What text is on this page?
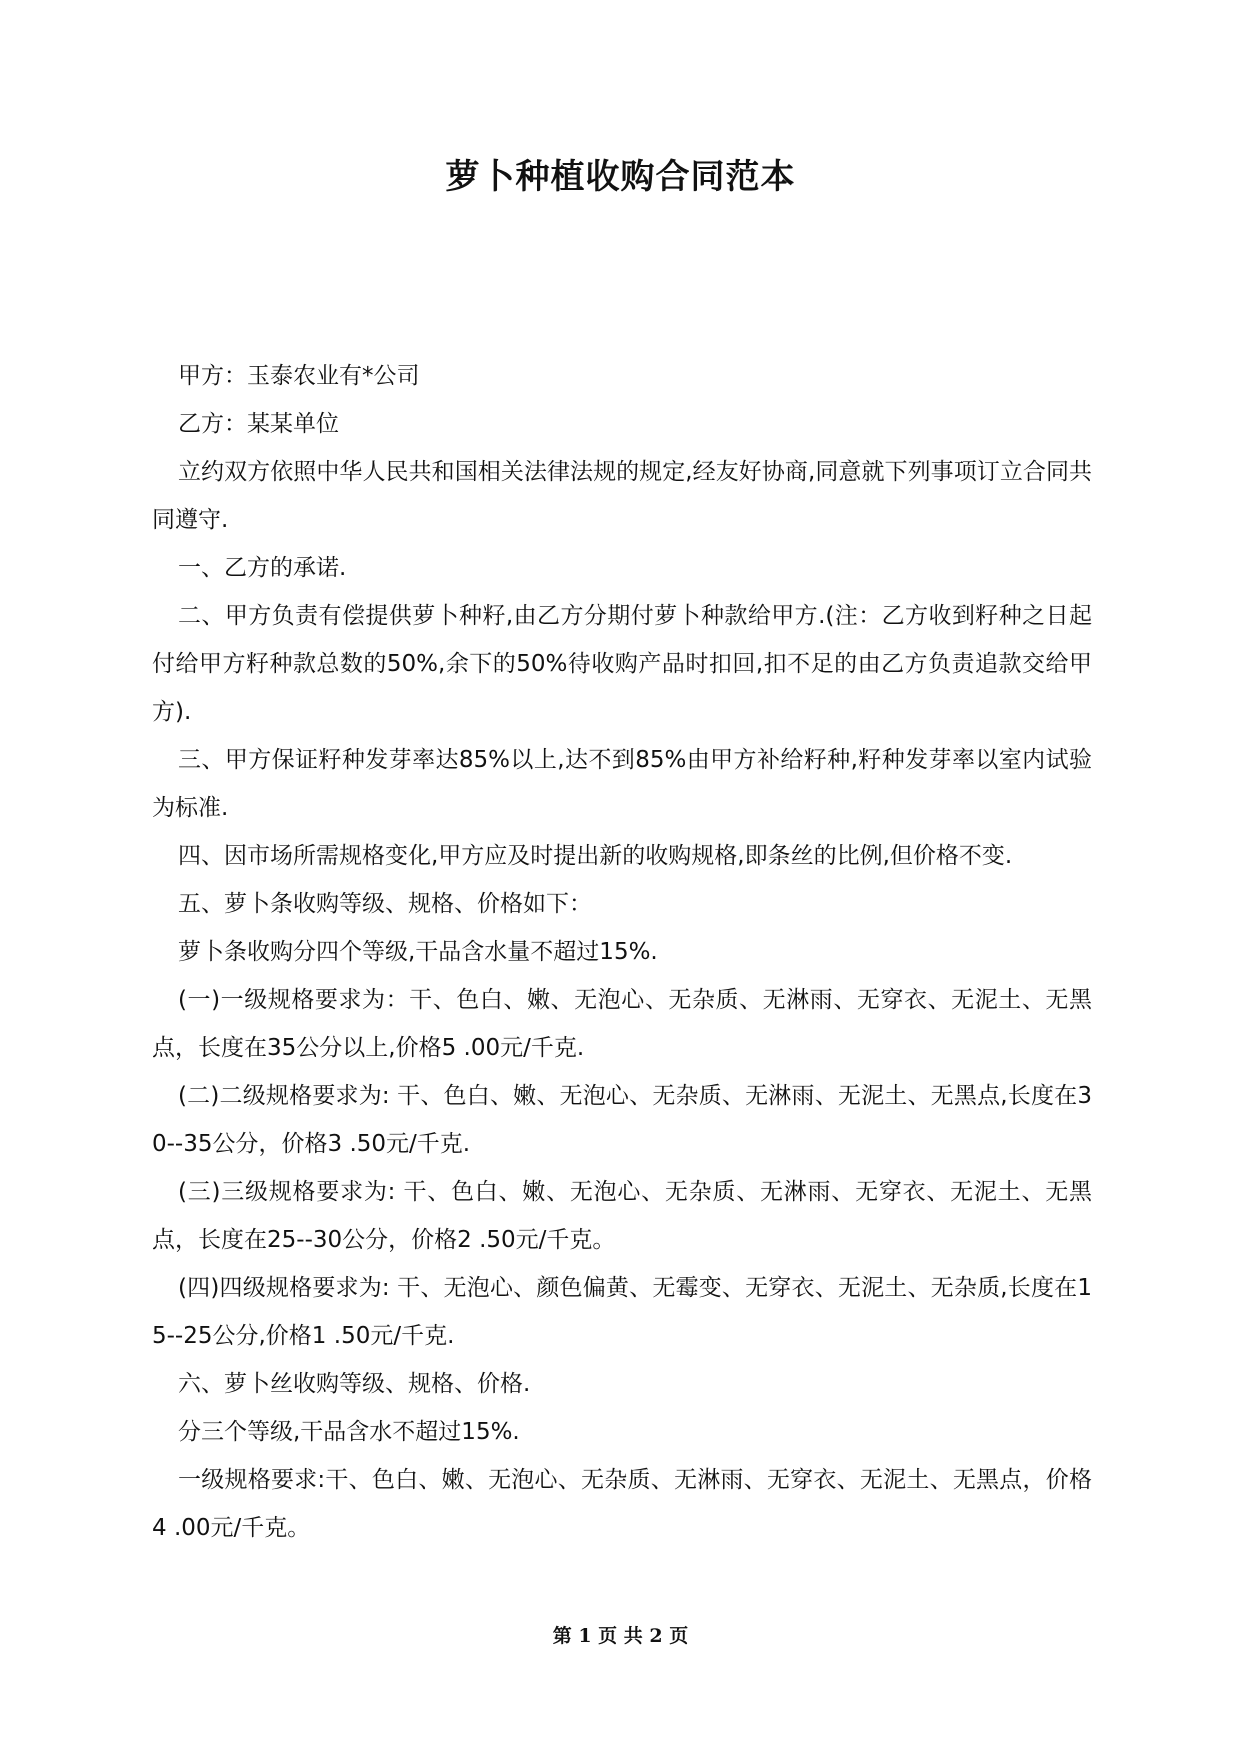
萝卜种植收购合同范本

甲方：玉泰农业有*公司

乙方：某某单位

立约双方依照中华人民共和国相关法律法规的规定,经友好协商,同意就下列事项订立合同共同遵守.

一、乙方的承诺.

二、甲方负责有偿提供萝卜种籽,由乙方分期付萝卜种款给甲方.(注：乙方收到籽种之日起付给甲方籽种款总数的50%,余下的50%待收购产品时扣回,扣不足的由乙方负责追款交给甲方).

三、甲方保证籽种发芽率达85%以上,达不到85%由甲方补给籽种,籽种发芽率以室内试验为标准.

四、因市场所需规格变化,甲方应及时提出新的收购规格,即条丝的比例,但价格不变.

五、萝卜条收购等级、规格、价格如下：

萝卜条收购分四个等级,干品含水量不超过15%.

(一)一级规格要求为：干、色白、嫩、无泡心、无杂质、无淋雨、无穿衣、无泥土、无黑点，长度在35公分以上,价格5 .00元/千克.

(二)二级规格要求为: 干、色白、嫩、无泡心、无杂质、无淋雨、无泥土、无黑点,长度在30--35公分，价格3 .50元/千克.

(三)三级规格要求为: 干、色白、嫩、无泡心、无杂质、无淋雨、无穿衣、无泥土、无黑点，长度在25--30公分，价格2 .50元/千克。

(四)四级规格要求为: 干、无泡心、颜色偏黄、无霉变、无穿衣、无泥土、无杂质,长度在15--25公分,价格1 .50元/千克.

六、萝卜丝收购等级、规格、价格.

分三个等级,干品含水不超过15%.

一级规格要求:干、色白、嫩、无泡心、无杂质、无淋雨、无穿衣、无泥土、无黑点，价格4 .00元/千克。

第 1 页 共 2 页
